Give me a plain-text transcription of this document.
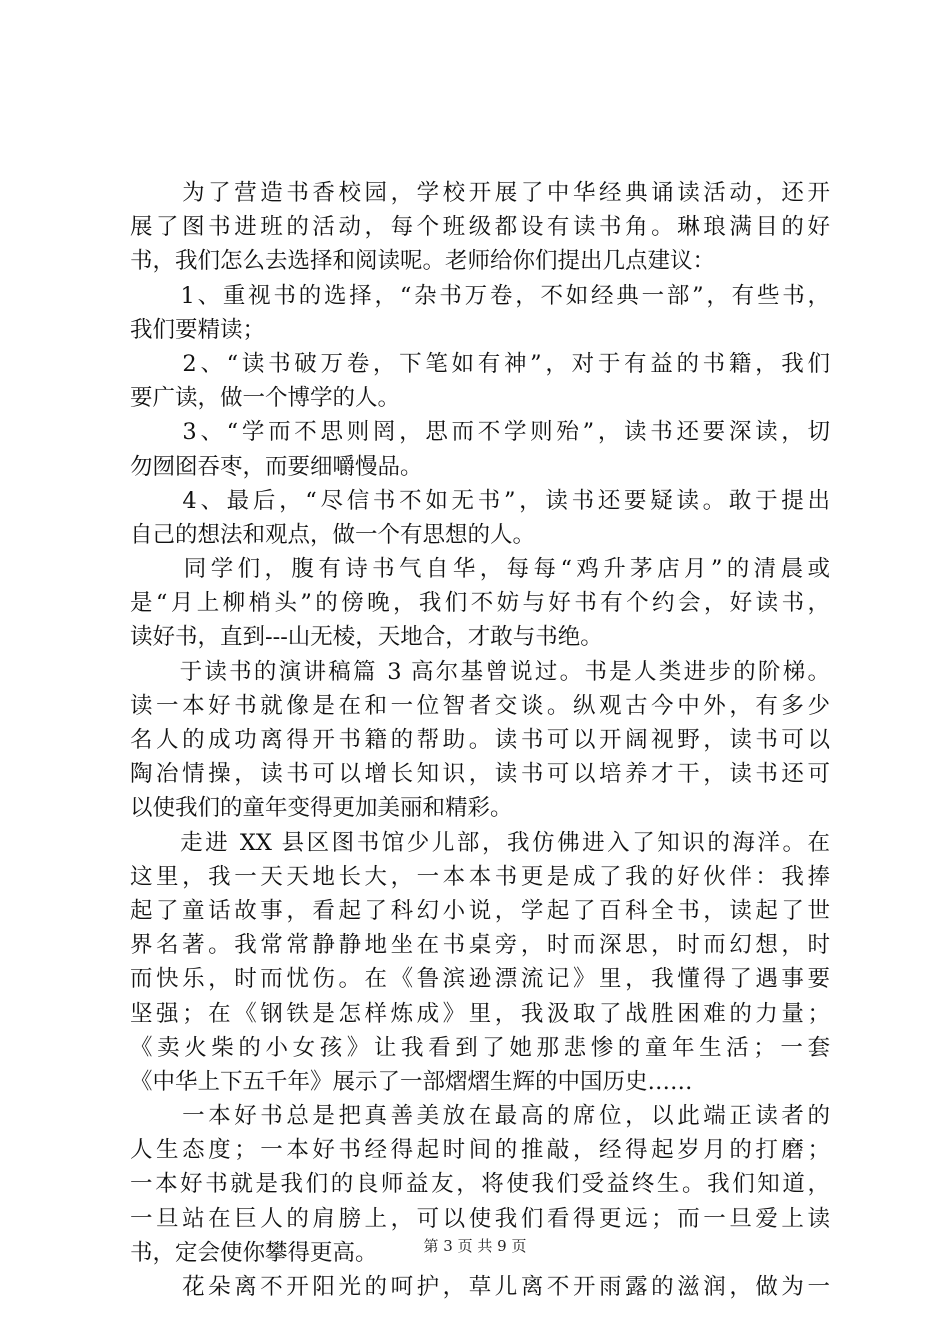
　　为了营造书香校园，学校开展了中华经典诵读活动，还开
展了图书进班的活动，每个班级都设有读书角。琳琅满目的好
书，我们怎么去选择和阅读呢。老师给你们提出几点建议：
　　1、重视书的选择，“杂书万卷，不如经典一部”，有些书，
我们要精读；
　　2、“读书破万卷，下笔如有神”，对于有益的书籍，我们
要广读，做一个博学的人。
　　3、“学而不思则罔，思而不学则殆”，读书还要深读，切
勿囫囵吞枣，而要细嚼慢品。
　　4、最后，“尽信书不如无书”，读书还要疑读。敢于提出
自己的想法和观点，做一个有思想的人。
　　同学们，腹有诗书气自华，每每“鸡升茅店月”的清晨或
是“月上柳梢头”的傍晚，我们不妨与好书有个约会，好读书，
读好书，直到---山无棱，天地合，才敢与书绝。
　　于读书的演讲稿篇 3 高尔基曾说过。书是人类进步的阶梯。
读一本好书就像是在和一位智者交谈。纵观古今中外，有多少
名人的成功离得开书籍的帮助。读书可以开阔视野，读书可以
陶冶情操，读书可以增长知识，读书可以培养才干，读书还可
以使我们的童年变得更加美丽和精彩。
　　走进 XX 县区图书馆少儿部，我仿佛进入了知识的海洋。在
这里，我一天天地长大，一本本书更是成了我的好伙伴：我捧
起了童话故事，看起了科幻小说，学起了百科全书，读起了世
界名著。我常常静静地坐在书桌旁，时而深思，时而幻想，时
而快乐，时而忧伤。在《鲁滨逊漂流记》里，我懂得了遇事要
坚强；在《钢铁是怎样炼成》里，我汲取了战胜困难的力量；
《卖火柴的小女孩》让我看到了她那悲惨的童年生活；一套
《中华上下五千年》展示了一部熠熠生辉的中国历史……
　　一本好书总是把真善美放在最高的席位，以此端正读者的
人生态度；一本好书经得起时间的推敲，经得起岁月的打磨；
一本好书就是我们的良师益友，将使我们受益终生。我们知道，
一旦站在巨人的肩膀上，可以使我们看得更远；而一旦爱上读
书，定会使你攀得更高。
　　花朵离不开阳光的呵护，草儿离不开雨露的滋润，做为一
第 3 页 共 9 页
